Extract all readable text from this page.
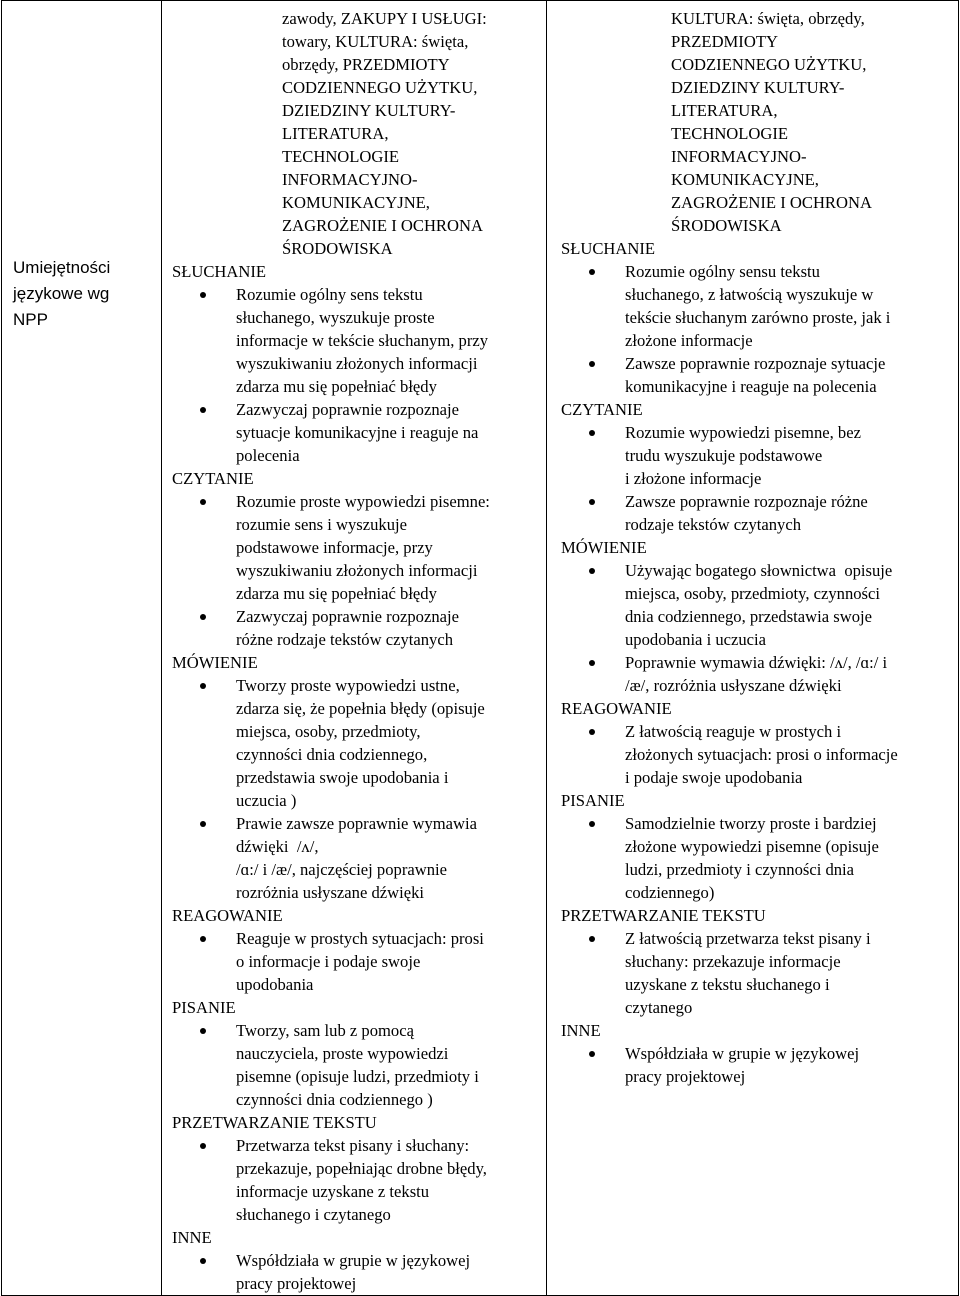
Umiejętności
językowe wg
NPP

zawody, ZAKUPY I USŁUGI:
towary, KULTURA: święta,
obrzędy, PRZEDMIOTY
CODZIENNEGO UŻYTKU,
DZIEDZINY KULTURY-
LITERATURA,
TECHNOLOGIE
INFORMACYJNO-
KOMUNIKACYJNE,
ZAGROŻENIE I OCHRONA
ŚRODOWISKA
SŁUCHANIE
Rozumie ogólny sens tekstu
słuchanego, wyszukuje proste
informacje w tekście słuchanym, przy
wyszukiwaniu złożonych informacji
zdarza mu się popełniać błędy
Zazwyczaj poprawnie rozpoznaje
sytuacje komunikacyjne i reaguje na
polecenia
CZYTANIE
Rozumie proste wypowiedzi pisemne:
rozumie sens i wyszukuje
podstawowe informacje, przy
wyszukiwaniu złożonych informacji
zdarza mu się popełniać błędy
Zazwyczaj poprawnie rozpoznaje
różne rodzaje tekstów czytanych
MÓWIENIE
Tworzy proste wypowiedzi ustne,
zdarza się, że popełnia błędy (opisuje
miejsca, osoby, przedmioty,
czynności dnia codziennego,
przedstawia swoje upodobania i
uczucia )
Prawie zawsze poprawnie wymawia
dźwięki  /ʌ/,
/ɑ:/ i /æ/, najczęściej poprawnie
rozróżnia usłyszane dźwięki
REAGOWANIE
Reaguje w prostych sytuacjach: prosi
o informacje i podaje swoje
upodobania
PISANIE
Tworzy, sam lub z pomocą
nauczyciela, proste wypowiedzi
pisemne (opisuje ludzi, przedmioty i
czynności dnia codziennego )
PRZETWARZANIE TEKSTU
Przetwarza tekst pisany i słuchany:
przekazuje, popełniając drobne błędy,
informacje uzyskane z tekstu
słuchanego i czytanego
INNE
Współdziała w grupie w językowej
pracy projektowej

KULTURA: święta, obrzędy,
PRZEDMIOTY
CODZIENNEGO UŻYTKU,
DZIEDZINY KULTURY-
LITERATURA,
TECHNOLOGIE
INFORMACYJNO-
KOMUNIKACYJNE,
ZAGROŻENIE I OCHRONA
ŚRODOWISKA
SŁUCHANIE
Rozumie ogólny sensu tekstu
słuchanego, z łatwością wyszukuje w
tekście słuchanym zarówno proste, jak i
złożone informacje
Zawsze poprawnie rozpoznaje sytuacje
komunikacyjne i reaguje na polecenia
CZYTANIE
Rozumie wypowiedzi pisemne, bez
trudu wyszukuje podstawowe
i złożone informacje
Zawsze poprawnie rozpoznaje różne
rodzaje tekstów czytanych
MÓWIENIE
Używając bogatego słownictwa  opisuje
miejsca, osoby, przedmioty, czynności
dnia codziennego, przedstawia swoje
upodobania i uczucia
Poprawnie wymawia dźwięki: /ʌ/, /ɑ:/ i
/æ/, rozróżnia usłyszane dźwięki
REAGOWANIE
Z łatwością reaguje w prostych i
złożonych sytuacjach: prosi o informacje
i podaje swoje upodobania
PISANIE
Samodzielnie tworzy proste i bardziej
złożone wypowiedzi pisemne (opisuje
ludzi, przedmioty i czynności dnia
codziennego)
PRZETWARZANIE TEKSTU
Z łatwością przetwarza tekst pisany i
słuchany: przekazuje informacje
uzyskane z tekstu słuchanego i
czytanego
INNE
Współdziała w grupie w językowej
pracy projektowej
